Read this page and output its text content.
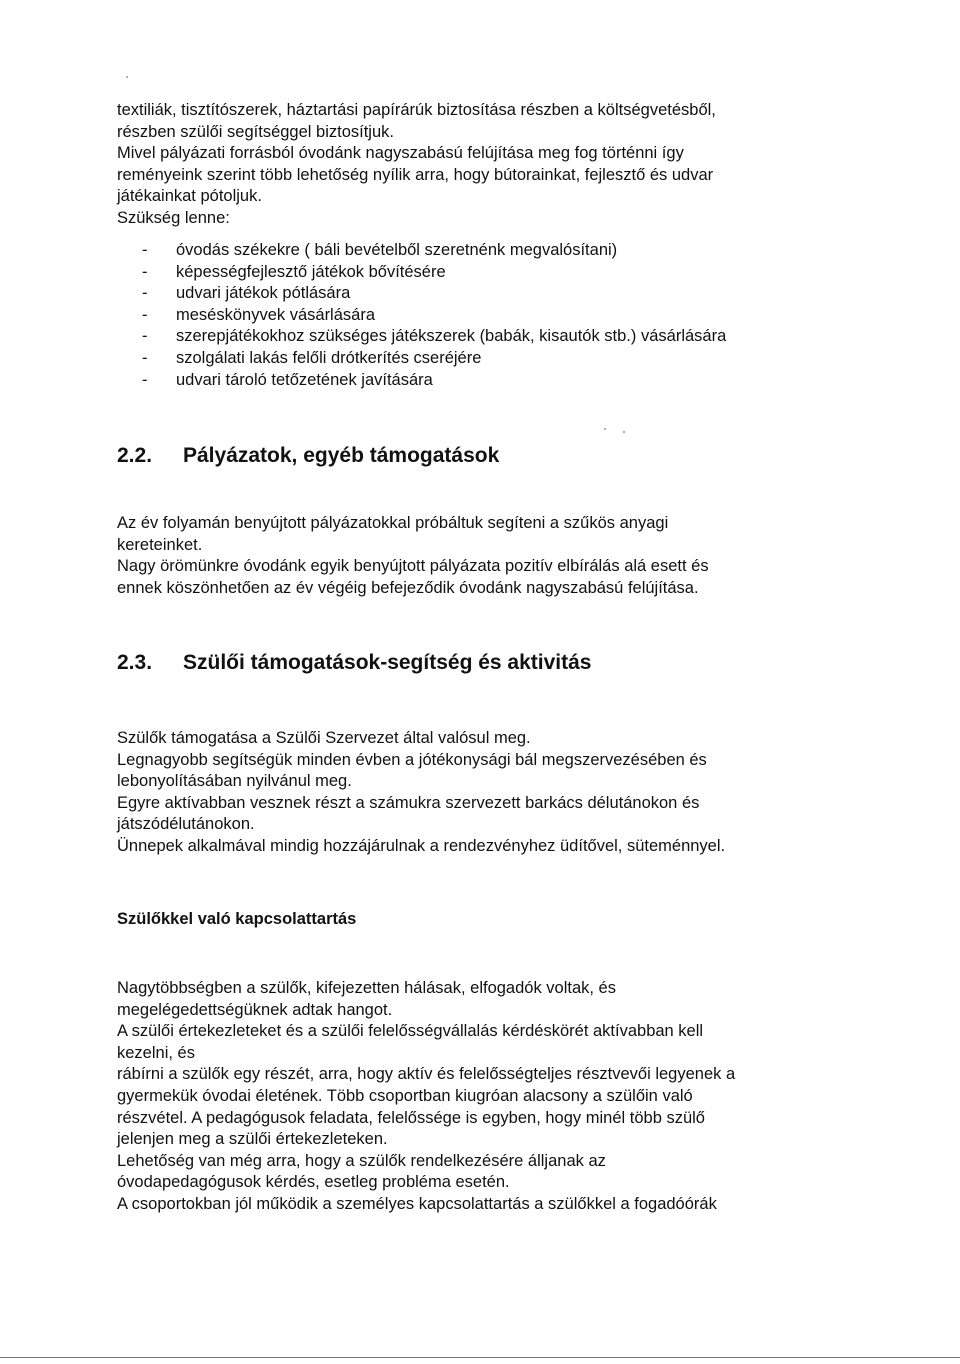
textiliák, tisztítószerek, háztartási papírárúk biztosítása részben a költségvetésből,

részben szülői segítséggel biztosítjuk.

Mivel pályázati forrásból óvodánk nagyszabású felújítása meg fog történni így

reményeink szerint több lehetőség nyílik arra, hogy bútorainkat, fejlesztő és udvar

játékainkat pótoljuk.

Szükség lenne:

- óvodás székekre ( báli bevételből szeretnénk megvalósítani)
- képességfejlesztő játékok bővítésére
- udvari játékok pótlására
- meséskönyvek vásárlására
- szerepjátékokhoz szükséges játékszerek (babák, kisautók stb.) vásárlására
- szolgálati lakás felőli drótkerítés cseréjére
- udvari tároló tetőzetének javítására
2.2. Pályázatok, egyéb támogatások

Az év folyamán benyújtott pályázatokkal próbáltuk segíteni a szűkös anyagi

kereteinket.

Nagy örömünkre óvodánk egyik benyújtott pályázata pozitív elbírálás alá esett és

ennek köszönhetően az év végéig befejeződik óvodánk nagyszabású felújítása.

2.3. Szülői támogatások-segítség és aktivitás

Szülők támogatása a Szülői Szervezet által valósul meg.

Legnagyobb segítségük minden évben a jótékonysági bál megszervezésében és

lebonyolításában nyilvánul meg.

Egyre aktívabban vesznek részt a számukra szervezett barkács délutánokon és

játszódélutánokon.

Ünnepek alkalmával mindig hozzájárulnak a rendezvényhez üdítővel, süteménnyel.

Szülőkkel való kapcsolattartás

Nagytöbbségben a szülők, kifejezetten hálásak, elfogadók voltak, és

megelégedettségüknek adtak hangot.

A szülői értekezleteket és a szülői felelősségvállalás kérdéskörét aktívabban kell

kezelni, és

rábírni a szülők egy részét, arra, hogy aktív és felelősségteljes résztvevői legyenek a

gyermekük óvodai életének. Több csoportban kiugróan alacsony a szülőin való

részvétel. A pedagógusok feladata, felelőssége is egyben, hogy minél több szülő

jelenjen meg a szülői értekezleteken.

Lehetőség van még arra, hogy a szülők rendelkezésére álljanak az

óvodapedagógusok kérdés, esetleg probléma esetén.

A csoportokban jól működik a személyes kapcsolattartás a szülőkkel a fogadóórák
